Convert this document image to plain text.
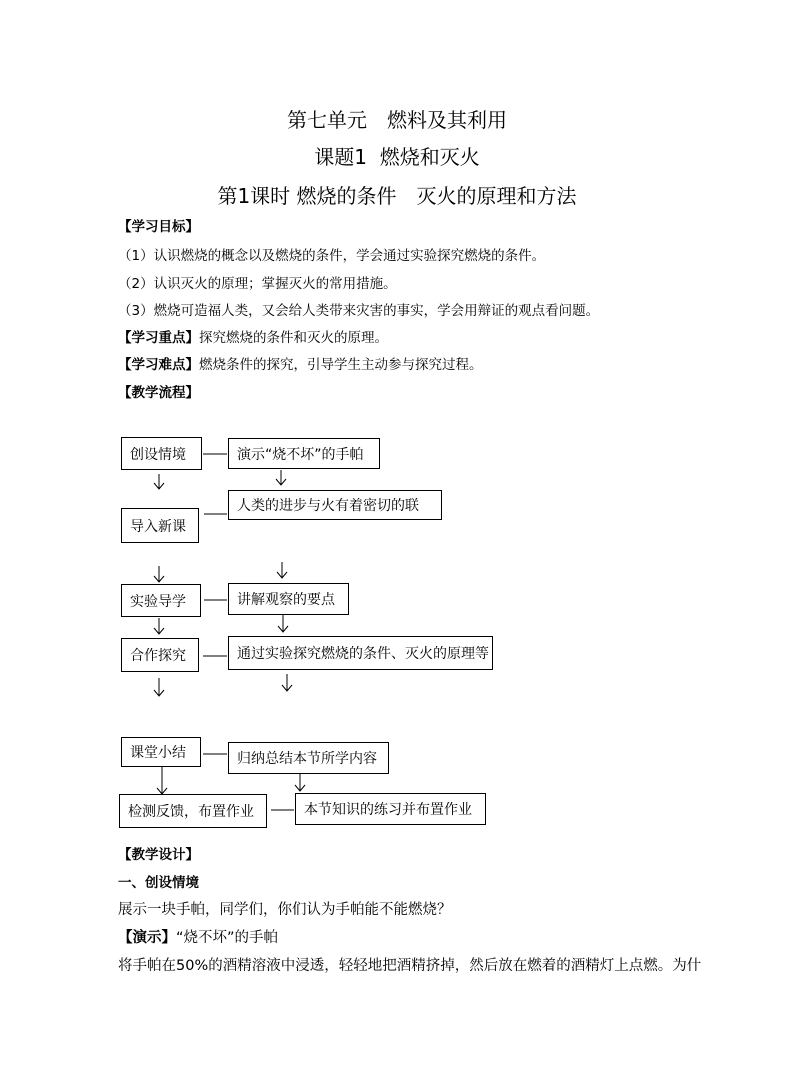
第七单元　燃料及其利用
课题1  燃烧和灭火
第1课时 燃烧的条件　灭火的原理和方法
【学习目标】
（1）认识燃烧的概念以及燃烧的条件，学会通过实验探究燃烧的条件。
（2）认识灭火的原理；掌握灭火的常用措施。
（3）燃烧可造福人类，又会给人类带来灾害的事实，学会用辩证的观点看问题。
【学习重点】探究燃烧的条件和灭火的原理。
【学习难点】燃烧条件的探究，引导学生主动参与探究过程。
【教学流程】
创设情境
导入新课
实验导学
合作探究
课堂小结
检测反馈，布置作业
演示“烧不坏”的手帕
人类的进步与火有着密切的联
讲解观察的要点
通过实验探究燃烧的条件、灭火的原理等
归纳总结本节所学内容
本节知识的练习并布置作业
【教学设计】
一、创设情境
展示一块手帕，同学们，你们认为手帕能不能燃烧？
【演示】“烧不坏”的手帕
将手帕在50%的酒精溶液中浸透，轻轻地把酒精挤掉，然后放在燃着的酒精灯上点燃。为什
